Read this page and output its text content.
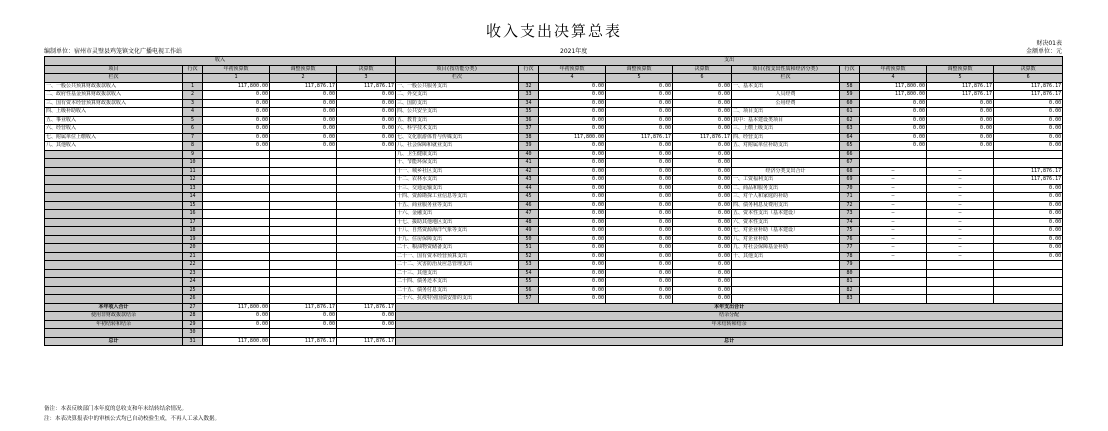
收入支出决算总表
财决01表
编制单位：宿州市灵璧县鸡笼镇文化广播电视工作站	2021年度	金额单位：元
收入					支出										
项目	行次	年初预算数	调整预算数	决算数	项目(按功能分类)	行次	年初预算数	调整预算数	决算数	项目(按支出性质和经济分类)	行次	年初预算数	调整预算数	决算数	
栏次		1	2	3	栏次		4	5	6	栏次		4	5	6	
一、一般公共预算财政拨款收入	1	117,800.00	117,876.17	117,876.17	一、一般公共服务支出	32	0.00	0.00	0.00	一、基本支出	58	117,800.00	117,876.17	117,876.17	
二、政府性基金预算财政拨款收入	2	0.00	0.00	0.00	二、外交支出	33	0.00	0.00	0.00	人员经费	59	117,800.00	117,876.17	117,876.17	
三、国有资本经营预算财政拨款收入	3	0.00	0.00	0.00	三、国防支出	34	0.00	0.00	0.00	公用经费	60	0.00	0.00	0.00	
四、上级补助收入	4	0.00	0.00	0.00	四、公共安全支出	35	0.00	0.00	0.00	二、项目支出	61	0.00	0.00	0.00	
五、事业收入	5	0.00	0.00	0.00	五、教育支出	36	0.00	0.00	0.00	其中：基本建设类项目	62	0.00	0.00	0.00	
六、经营收入	6	0.00	0.00	0.00	六、科学技术支出	37	0.00	0.00	0.00	三、上缴上级支出	63	0.00	0.00	0.00	
七、附属单位上缴收入	7	0.00	0.00	0.00	七、文化旅游体育与传媒支出	38	117,800.00	117,876.17	117,876.17	四、经营支出	64	0.00	0.00	0.00	
八、其他收入	8	0.00	0.00	0.00	八、社会保障和就业支出	39	0.00	0.00	0.00	五、对附属单位补助支出	65	0.00	0.00	0.00	
	9				九、卫生健康支出	40	0.00	0.00	0.00		66				
	10				十、节能环保支出	41	0.00	0.00	0.00		67				
	11				十一、城乡社区支出	42	0.00	0.00	0.00	经济分类支出合计	68	—	—	117,876.17	
	12				十二、农林水支出	43	0.00	0.00	0.00	一、工资福利支出	69	—	—	117,876.17	
	13				十三、交通运输支出	44	0.00	0.00	0.00	二、商品和服务支出	70	—	—	0.00	
	14				十四、资源勘探工业信息等支出	45	0.00	0.00	0.00	三、对个人和家庭的补助	71	—	—	0.00	
	15				十五、商业服务业等支出	46	0.00	0.00	0.00	四、债务利息及费用支出	72	—	—	0.00	
	16				十六、金融支出	47	0.00	0.00	0.00	五、资本性支出（基本建设）	73	—	—	0.00	
	17				十七、援助其他地区支出	48	0.00	0.00	0.00	六、资本性支出	74	—	—	0.00	
	18				十八、自然资源海洋气象等支出	49	0.00	0.00	0.00	七、对企业补助（基本建设）	75	—	—	0.00	
	19				十九、住房保障支出	50	0.00	0.00	0.00	八、对企业补助	76	—	—	0.00	
	20				二十、粮油物资储备支出	51	0.00	0.00	0.00	九、对社会保障基金补助	77	—	—	0.00	
	21				二十一、国有资本经营预算支出	52	0.00	0.00	0.00	十、其他支出	78	—	—	0.00	
	22				二十二、灾害防治及应急管理支出	53	0.00	0.00	0.00		79				
	23				二十三、其他支出	54	0.00	0.00	0.00		80				
	24				二十四、债务还本支出	55	0.00	0.00	0.00		81				
	25				二十五、债务付息支出	56	0.00	0.00	0.00		82				
	26				二十六、抗疫特别国债安排的支出	57	0.00	0.00	0.00		83				
本年收入合计	27	117,800.00	117,876.17	117,876.17	本年支出合计				
使用非财政拨款结余	28	0.00	0.00	0.00	结余分配				
年初结转和结余	29	0.00	0.00	0.00	年末结转和结余				
	30								
总计	31	117,800.00	117,876.17	117,876.17	总计				
备注：本表反映部门本年度的总收支和年末结转结余情况。
注：本表决算报表中的审核公式均已自动校验生成，不再人工录入数据。
